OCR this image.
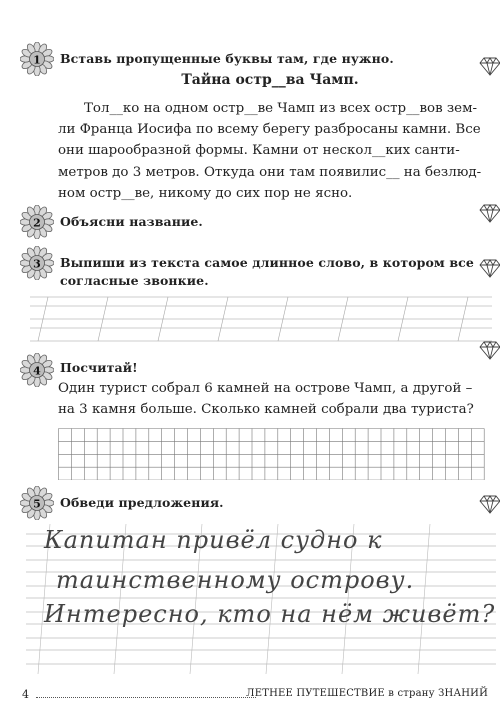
1 Вставь пропущенные буквы там, где нужно.
Тайна остр__ва Чамп.
Тол__ко на одном остр__ве Чамп из всех остр__вов зем-
ли Франца Иосифа по всему берегу разбросаны камни. Все
они шарообразной формы. Камни от нескол__ких санти-
метров до 3 метров. Откуда они там появилис__ на безлюд-
ном остр__ве, никому до сих пор не ясно.
2 Объясни название.
3 Выпиши из текста самое длинное слово, в котором все
согласные звонкие.
4 Посчитай!
Один турист собрал 6 камней на острове Чамп, а другой –
на 3 камня больше. Сколько камней собрали два туриста?
5 Обведи предложения.
Капитан привёл судно к
таинственному острову.
Интересно, кто на нём живёт?
4	ЛЕТНЕЕ ПУТЕШЕСТВИЕ в страну ЗНАНИЙ
